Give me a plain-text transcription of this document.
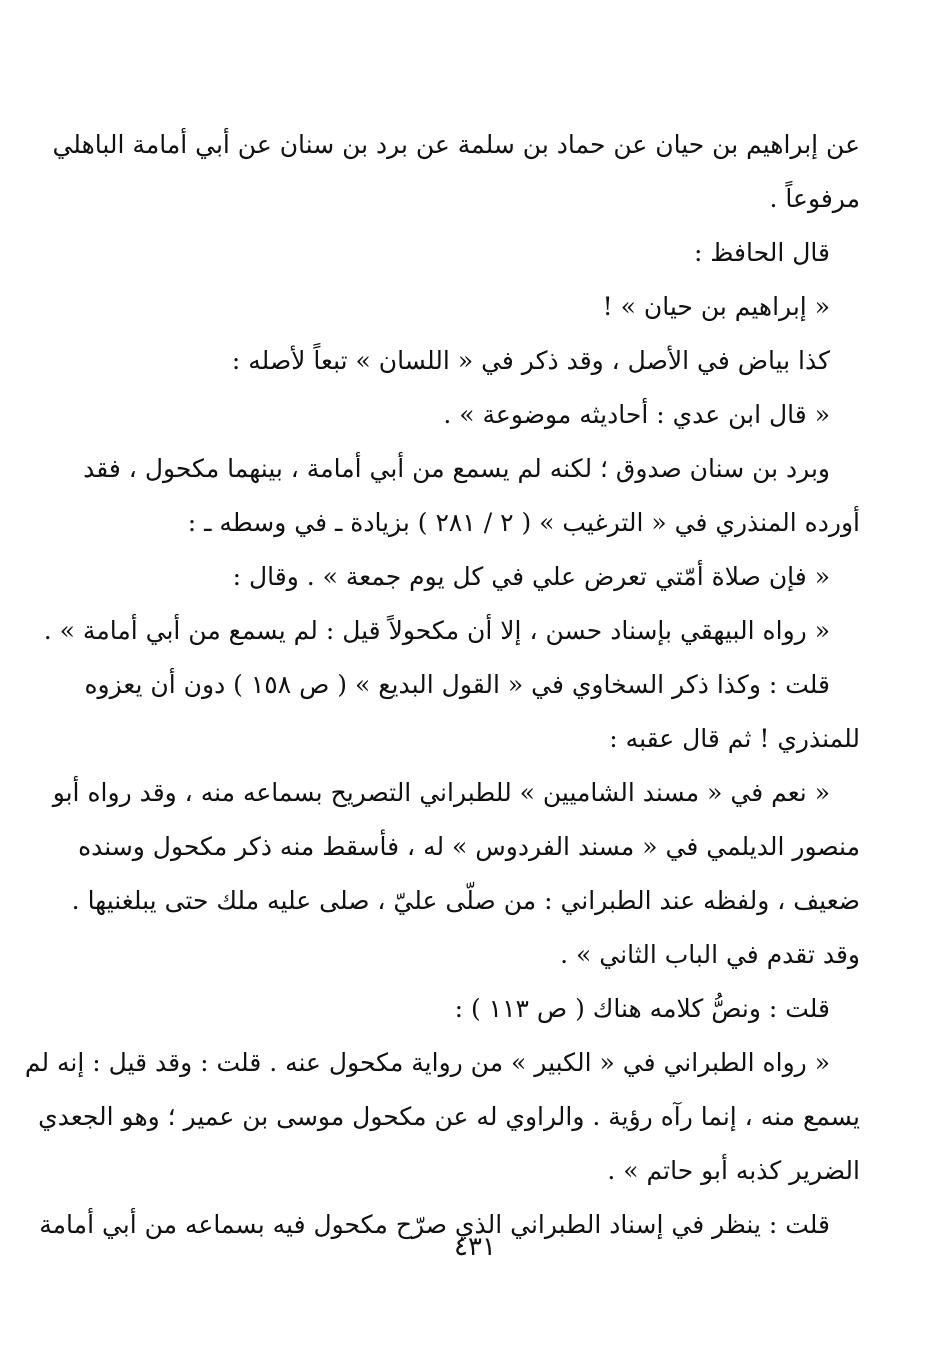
عن إبراهيم بن حيان عن حماد بن سلمة عن برد بن سنان عن أبي أمامة الباهلي
مرفوعاً .
قال الحافظ :
« إبراهيم بن حيان » !
كذا بياض في الأصل ، وقد ذكر في « اللسان » تبعاً لأصله :
« قال ابن عدي : أحاديثه موضوعة » .
وبرد بن سنان صدوق ؛ لكنه لم يسمع من أبي أمامة ، بينهما مكحول ، فقد
أورده المنذري في « الترغيب » ( ٢ / ٢٨١ ) بزيادة ـ في وسطه ـ :
« فإن صلاة أمّتي تعرض علي في كل يوم جمعة » . وقال :
« رواه البيهقي بإسناد حسن ، إلا أن مكحولاً قيل : لم يسمع من أبي أمامة » .
قلت : وكذا ذكر السخاوي في « القول البديع » ( ص ١٥٨ ) دون أن يعزوه
للمنذري ! ثم قال عقبه :
« نعم في « مسند الشاميين » للطبراني التصريح بسماعه منه ، وقد رواه أبو
منصور الديلمي في « مسند الفردوس » له ، فأسقط منه ذكر مكحول وسنده
ضعيف ، ولفظه عند الطبراني : من صلّى عليّ ، صلى عليه ملك حتى يبلغنيها .
وقد تقدم في الباب الثاني » .
قلت : ونصُّ كلامه هناك ( ص ١١٣ ) :
« رواه الطبراني في « الكبير » من رواية مكحول عنه . قلت : وقد قيل : إنه لم
يسمع منه ، إنما رآه رؤية . والراوي له عن مكحول موسى بن عمير ؛ وهو الجعدي
الضرير كذبه أبو حاتم » .
قلت : ينظر في إسناد الطبراني الذي صرّح مكحول فيه بسماعه من أبي أمامة
٤٣١
